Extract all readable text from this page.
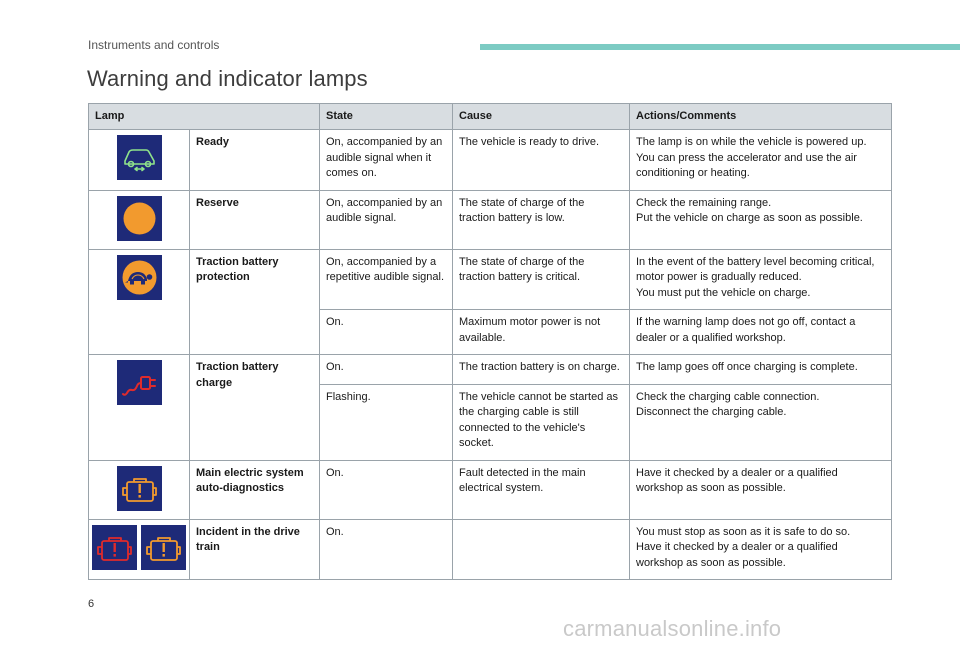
Instruments and controls
Warning and indicator lamps
Lamp		State	Cause	Actions/Comments

	Ready	On, accompanied by an audible signal when it comes on.	The vehicle is ready to drive.	The lamp is on while the vehicle is powered up.
You can press the accelerator and use the air conditioning or heating.

	Reserve	On, accompanied by an audible signal.	The state of charge of the traction battery is low.	Check the remaining range.
Put the vehicle on charge as soon as possible.

	Traction battery protection	On, accompanied by a repetitive audible signal.	The state of charge of the traction battery is critical.	In the event of the battery level becoming critical, motor power is gradually reduced.
You must put the vehicle on charge.
		On.	Maximum motor power is not available.	If the warning lamp does not go off, contact a dealer or a qualified workshop.

	Traction battery charge	On.	The traction battery is on charge.	The lamp goes off once charging is complete.
		Flashing.	The vehicle cannot be started as the charging cable is still connected to the vehicle's socket.	Check the charging cable connection.
Disconnect the charging cable.

	Main electric system auto-diagnostics	On.	Fault detected in the main electrical system.	Have it checked by a dealer or a qualified workshop as soon as possible.

	Incident in the drive train	On.		You must stop as soon as it is safe to do so.
Have it checked by a dealer or a qualified workshop as soon as possible.
6
carmanualsonline.info
